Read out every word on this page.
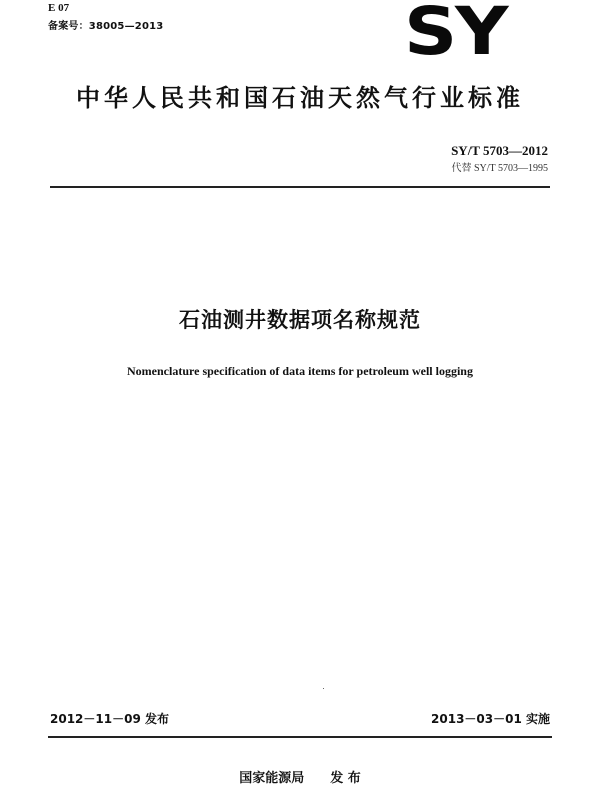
E 07
备案号：38005—2013	SY
中华人民共和国石油天然气行业标准
SY/T 5703—2012
代替 SY/T 5703—1995
石油测井数据项名称规范
Nomenclature specification of data items for petroleum well logging
2012－11－09 发布	2013－03－01 实施
国家能源局 发 布
